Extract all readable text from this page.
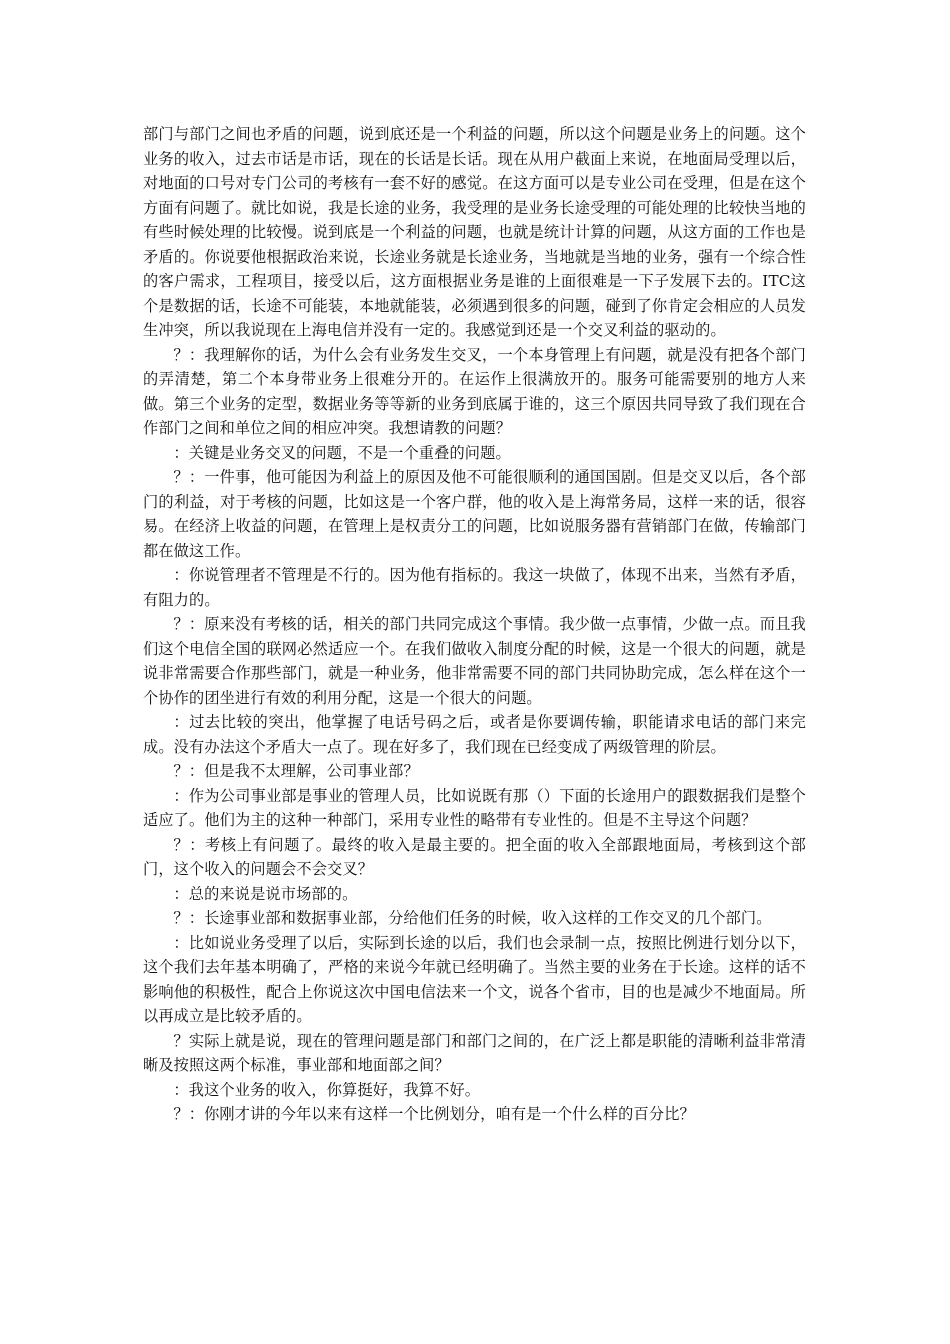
部门与部门之间也矛盾的问题，说到底还是一个利益的问题，所以这个问题是业务上的问题。这个业务的收入，过去市话是市话，现在的长话是长话。现在从用户截面上来说，在地面局受理以后，对地面的口号对专门公司的考核有一套不好的感觉。在这方面可以是专业公司在受理，但是在这个方面有问题了。就比如说，我是长途的业务，我受理的是业务长途受理的可能处理的比较快当地的有些时候处理的比较慢。说到底是一个利益的问题，也就是统计计算的问题，从这方面的工作也是矛盾的。你说要他根据政治来说，长途业务就是长途业务，当地就是当地的业务，强有一个综合性的客户需求，工程项目，接受以后，这方面根据业务是谁的上面很难是一下子发展下去的。ITC这个是数据的话，长途不可能装，本地就能装，必须遇到很多的问题，碰到了你肯定会相应的人员发生冲突，所以我说现在上海电信并没有一定的。我感觉到还是一个交叉利益的驱动的。

？：我理解你的话，为什么会有业务发生交叉，一个本身管理上有问题，就是没有把各个部门的弄清楚，第二个本身带业务上很难分开的。在运作上很满放开的。服务可能需要别的地方人来做。第三个业务的定型，数据业务等等新的业务到底属于谁的，这三个原因共同导致了我们现在合作部门之间和单位之间的相应冲突。我想请教的问题？

：关键是业务交叉的问题，不是一个重叠的问题。

？：一件事，他可能因为利益上的原因及他不可能很顺利的通国国剧。但是交叉以后，各个部门的利益，对于考核的问题，比如这是一个客户群，他的收入是上海常务局，这样一来的话，很容易。在经济上收益的问题，在管理上是权责分工的问题，比如说服务器有营销部门在做，传输部门都在做这工作。

：你说管理者不管理是不行的。因为他有指标的。我这一块做了，体现不出来，当然有矛盾，有阻力的。

？：原来没有考核的话，相关的部门共同完成这个事情。我少做一点事情，少做一点。而且我们这个电信全国的联网必然适应一个。在我们做收入制度分配的时候，这是一个很大的问题，就是说非常需要合作那些部门，就是一种业务，他非常需要不同的部门共同协助完成，怎么样在这个一个协作的团坐进行有效的利用分配，这是一个很大的问题。

：过去比较的突出，他掌握了电话号码之后，或者是你要调传输，职能请求电话的部门来完成。没有办法这个矛盾大一点了。现在好多了，我们现在已经变成了两级管理的阶层。

？：但是我不太理解，公司事业部？

：作为公司事业部是事业的管理人员，比如说既有那（）下面的长途用户的跟数据我们是整个适应了。他们为主的这种一种部门，采用专业性的略带有专业性的。但是不主导这个问题？

？：考核上有问题了。最终的收入是最主要的。把全面的收入全部跟地面局，考核到这个部门，这个收入的问题会不会交叉？

：总的来说是说市场部的。

？：长途事业部和数据事业部，分给他们任务的时候，收入这样的工作交叉的几个部门。

：比如说业务受理了以后，实际到长途的以后，我们也会录制一点，按照比例进行划分以下，这个我们去年基本明确了，严格的来说今年就已经明确了。当然主要的业务在于长途。这样的话不影响他的积极性，配合上你说这次中国电信法来一个文，说各个省市，目的也是减少不地面局。所以再成立是比较矛盾的。

？实际上就是说，现在的管理问题是部门和部门之间的，在广泛上都是职能的清晰利益非常清晰及按照这两个标准，事业部和地面部之间？

：我这个业务的收入，你算挺好，我算不好。

？：你刚才讲的今年以来有这样一个比例划分，咱有是一个什么样的百分比？
